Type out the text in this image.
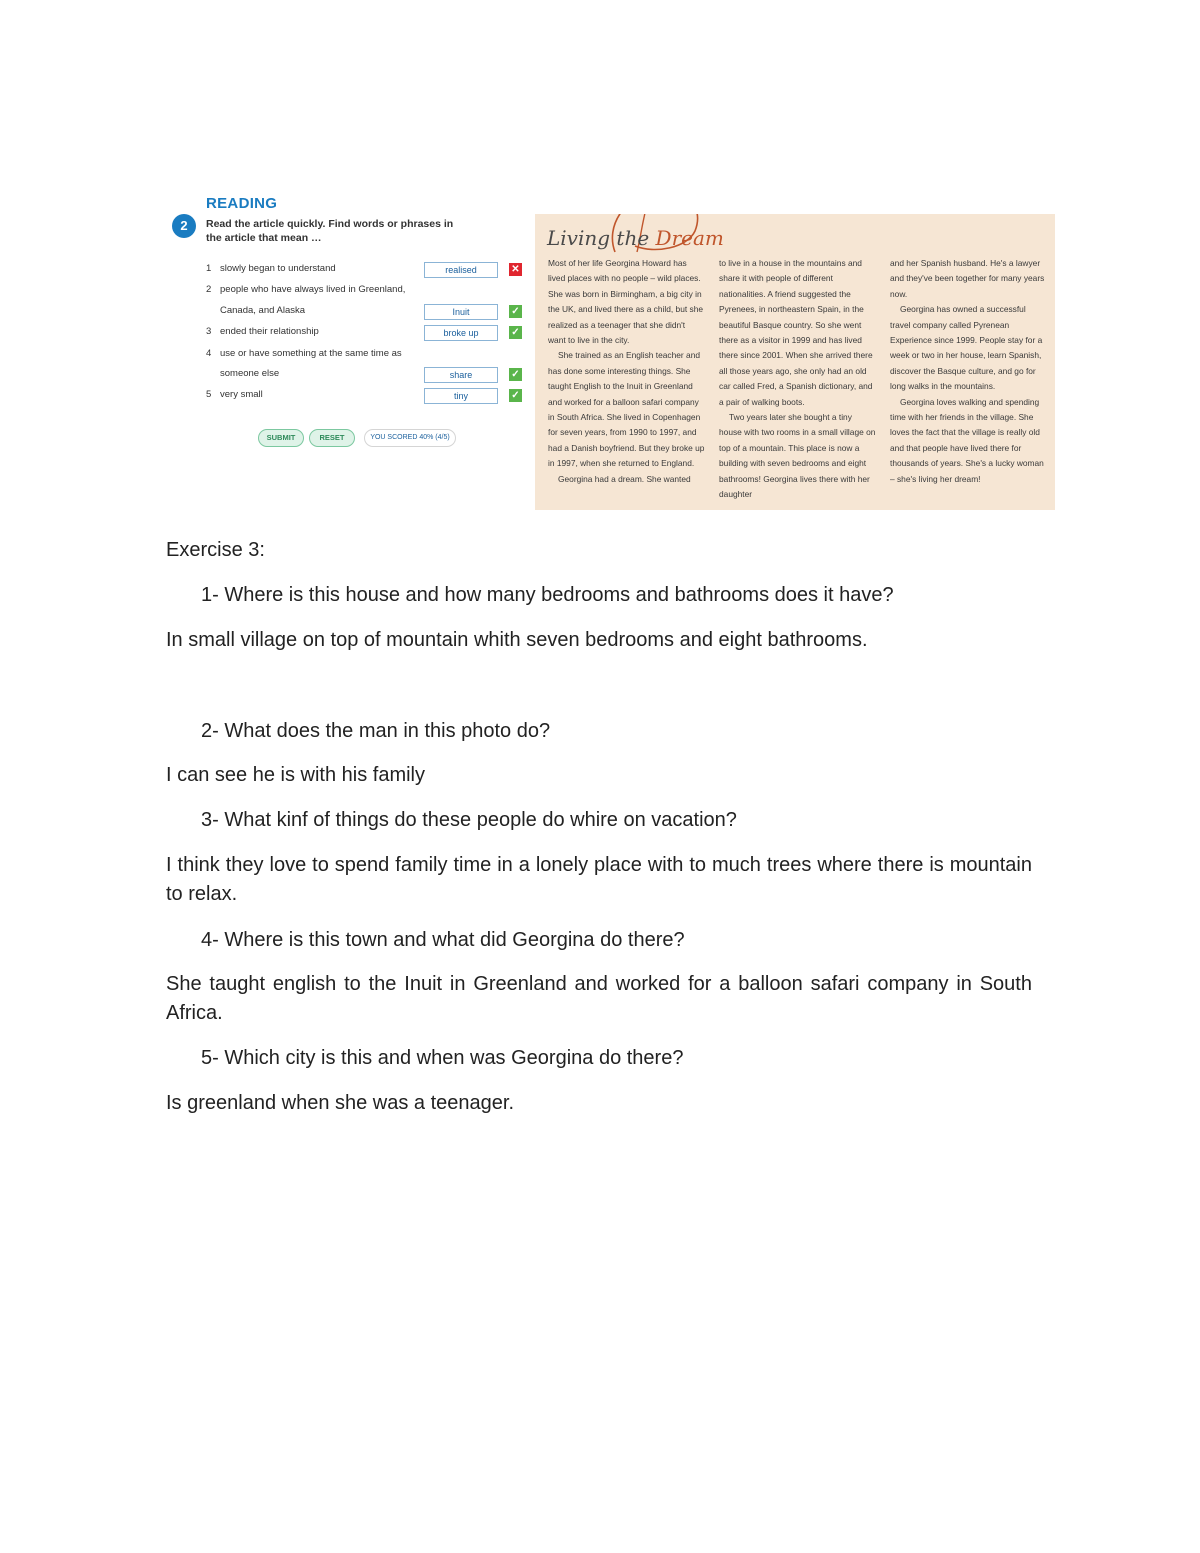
READING
2	Read the article quickly. Find words or phrases in the article that mean …
1 slowly began to understand	realised	✕
2 people who have always lived in Greenland,
Canada, and Alaska	Inuit	✓
3 ended their relationship	broke up	✓
4 use or have something at the same time as
someone else	share	✓
5 very small	tiny	✓
SUBMIT	RESET	YOU SCORED 40% (4/5)
Living the Dream

Most of her life Georgina Howard has lived places with no people – wild places. She was born in Birmingham, a big city in the UK, and lived there as a child, but she realized as a teenager that she didn't want to live in the city.

She trained as an English teacher and has done some interesting things. She taught English to the Inuit in Greenland and worked for a balloon safari company in South Africa. She lived in Copenhagen for seven years, from 1990 to 1997, and had a Danish boyfriend. But they broke up in 1997, when she returned to England.

Georgina had a dream. She wanted

to live in a house in the mountains and share it with people of different nationalities. A friend suggested the Pyrenees, in northeastern Spain, in the beautiful Basque country. So she went there as a visitor in 1999 and has lived there since 2001. When she arrived there all those years ago, she only had an old car called Fred, a Spanish dictionary, and a pair of walking boots.

Two years later she bought a tiny house with two rooms in a small village on top of a mountain. This place is now a building with seven bedrooms and eight bathrooms! Georgina lives there with her daughter

and her Spanish husband. He's a lawyer and they've been together for many years now.

Georgina has owned a successful travel company called Pyrenean Experience since 1999. People stay for a week or two in her house, learn Spanish, discover the Basque culture, and go for long walks in the mountains.

Georgina loves walking and spending time with her friends in the village. She loves the fact that the village is really old and that people have lived there for thousands of years. She's a lucky woman – she's living her dream!

Exercise 3:
1- Where is this house and how many bedrooms and bathrooms does it have?
In small village on top of mountain whith seven bedrooms and eight bathrooms.
2- What does the man in this photo do?
I can see he is with his family
3- What kinf of things do these people do whire on vacation?
I think they love to spend family time in a lonely place with to much trees where there is mountain to relax.
4- Where is this town and what did Georgina do there?
She taught english to the Inuit in Greenland and worked for a balloon safari company in South Africa.
5- Which city is this and when was Georgina do there?
Is greenland when she was a teenager.
